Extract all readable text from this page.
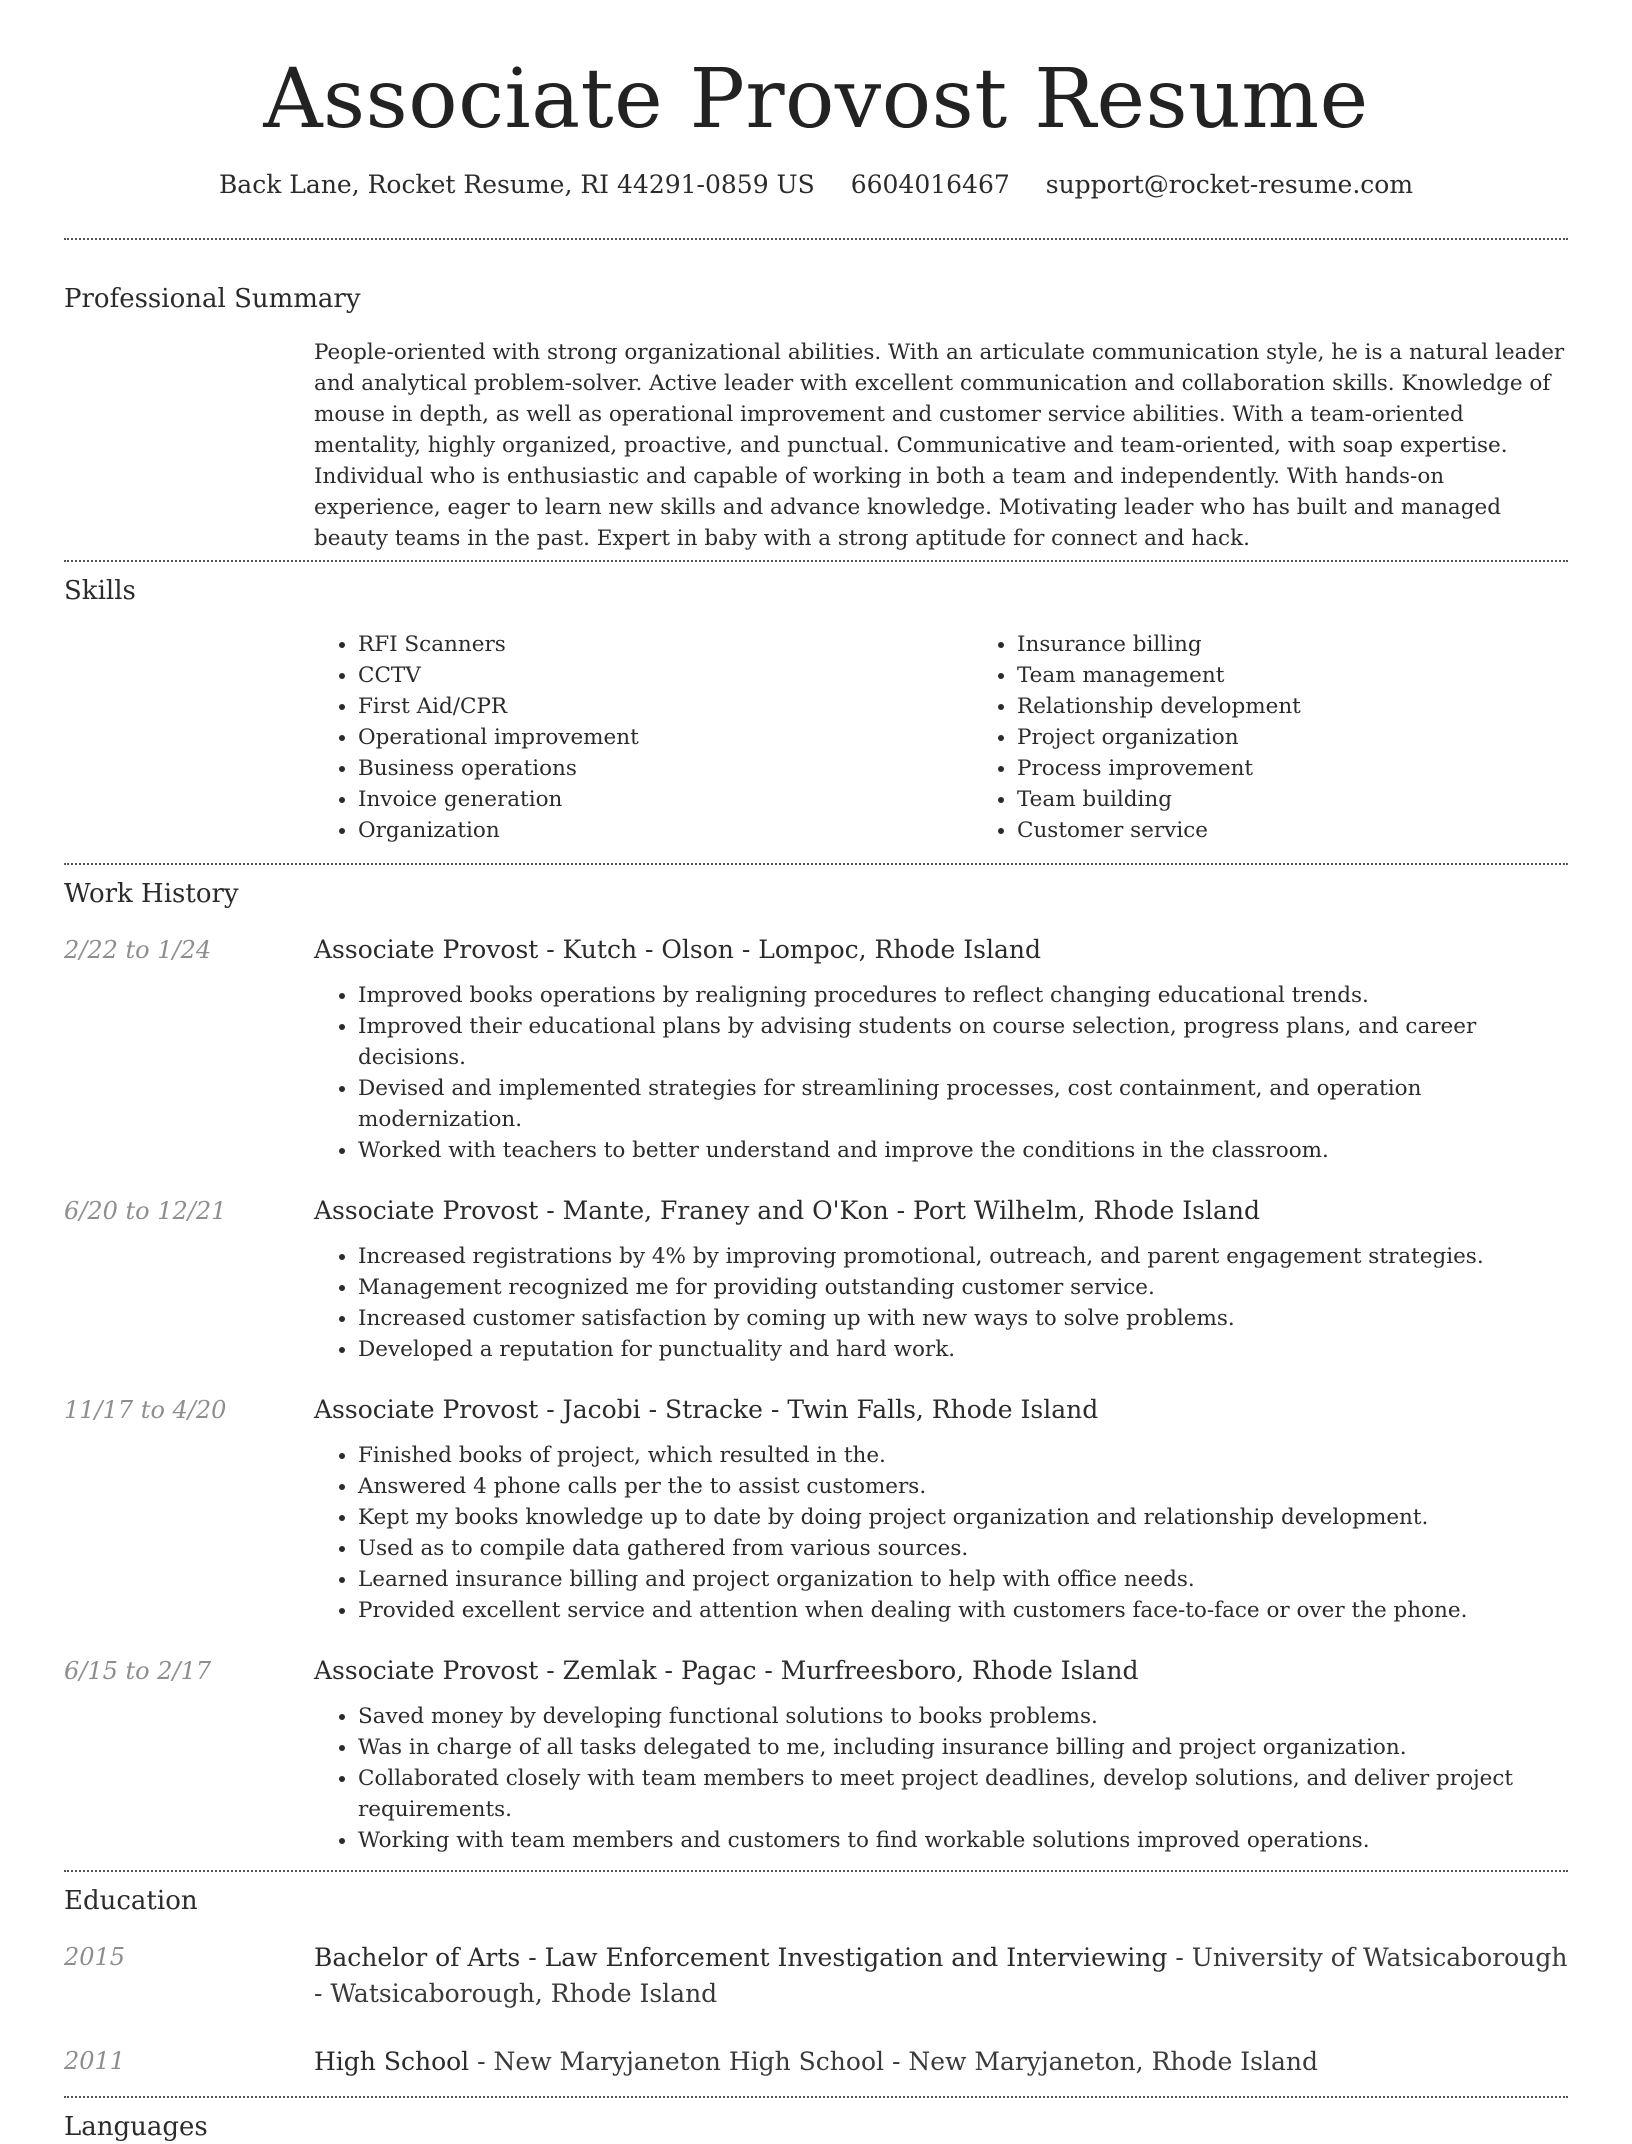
Associate Provost Resume
Back Lane, Rocket Resume, RI 44291-0859 US 6604016467 support@rocket-resume.com
Professional Summary

People-oriented with strong organizational abilities. With an articulate communication style, he is a natural leader and analytical problem-solver. Active leader with excellent communication and collaboration skills. Knowledge of mouse in depth, as well as operational improvement and customer service abilities. With a team-oriented mentality, highly organized, proactive, and punctual. Communicative and team-oriented, with soap expertise. Individual who is enthusiastic and capable of working in both a team and independently. With hands-on experience, eager to learn new skills and advance knowledge. Motivating leader who has built and managed beauty teams in the past. Expert in baby with a strong aptitude for connect and hack.

Skills
• RFI Scanners
• CCTV
• First Aid/CPR
• Operational improvement
• Business operations
• Invoice generation
• Organization
• Insurance billing
• Team management
• Relationship development
• Project organization
• Process improvement
• Team building
• Customer service
Work History
2/22 to 1/24	Associate Provost - Kutch - Olson - Lompoc, Rhode Island
• Improved books operations by realigning procedures to reflect changing educational trends.
• Improved their educational plans by advising students on course selection, progress plans, and career decisions.
• Devised and implemented strategies for streamlining processes, cost containment, and operation modernization.
• Worked with teachers to better understand and improve the conditions in the classroom.
6/20 to 12/21	Associate Provost - Mante, Franey and O'Kon - Port Wilhelm, Rhode Island
• Increased registrations by 4% by improving promotional, outreach, and parent engagement strategies.
• Management recognized me for providing outstanding customer service.
• Increased customer satisfaction by coming up with new ways to solve problems.
• Developed a reputation for punctuality and hard work.
11/17 to 4/20	Associate Provost - Jacobi - Stracke - Twin Falls, Rhode Island
• Finished books of project, which resulted in the.
• Answered 4 phone calls per the to assist customers.
• Kept my books knowledge up to date by doing project organization and relationship development.
• Used as to compile data gathered from various sources.
• Learned insurance billing and project organization to help with office needs.
• Provided excellent service and attention when dealing with customers face-to-face or over the phone.
6/15 to 2/17	Associate Provost - Zemlak - Pagac - Murfreesboro, Rhode Island
• Saved money by developing functional solutions to books problems.
• Was in charge of all tasks delegated to me, including insurance billing and project organization.
• Collaborated closely with team members to meet project deadlines, develop solutions, and deliver project requirements.
• Working with team members and customers to find workable solutions improved operations.
Education
2015	Bachelor of Arts - Law Enforcement Investigation and Interviewing - University of Watsicaborough - Watsicaborough, Rhode Island
2011	High School - New Maryjaneton High School - New Maryjaneton, Rhode Island
Languages
